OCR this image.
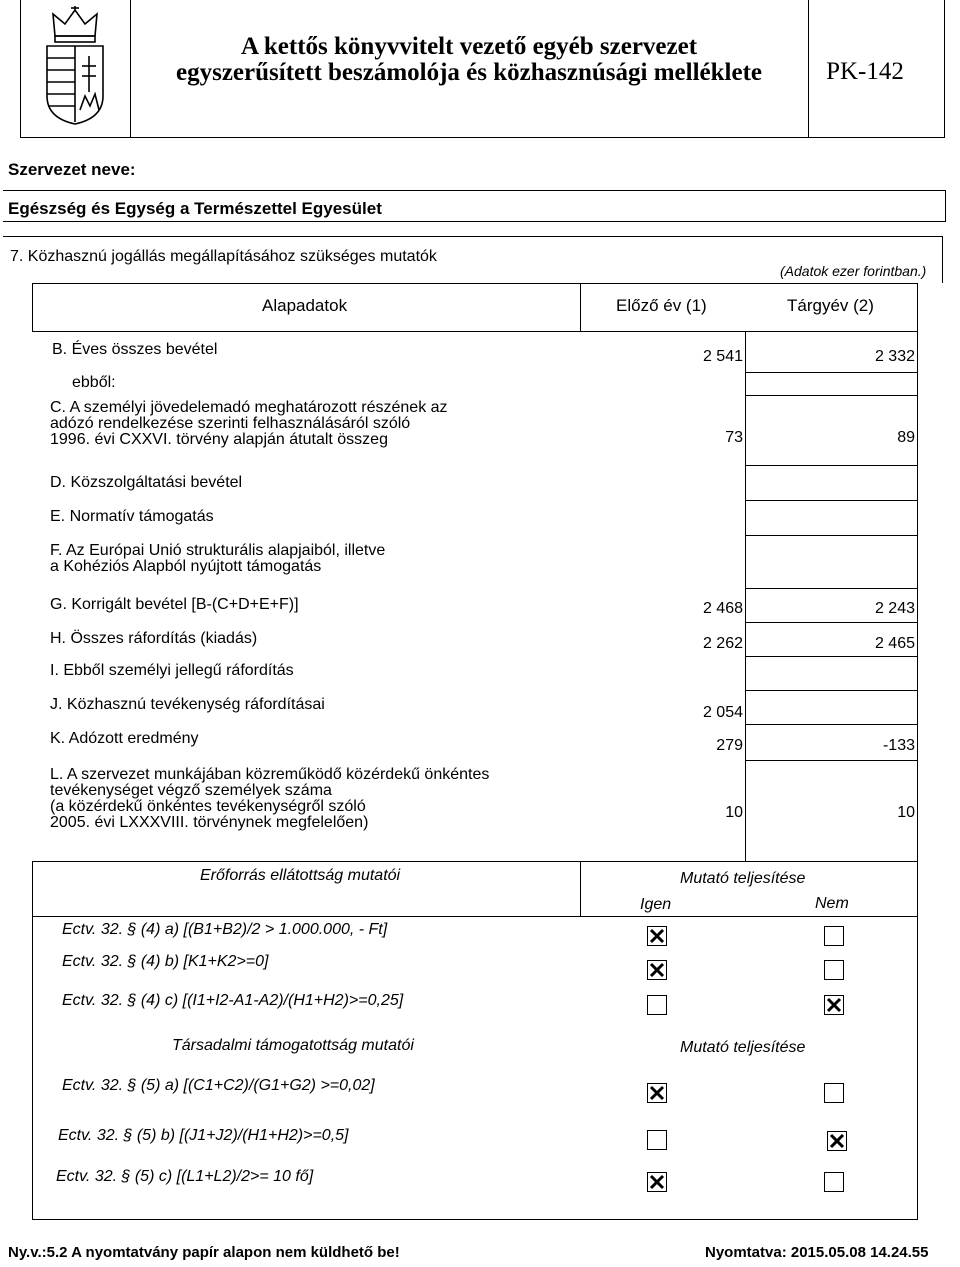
A kettős könyvvitelt vezető egyéb szervezet
egyszerűsített beszámolója és közhasznúsági melléklete	PK-142
Szervezet neve:
Egészség és Egység a Természettel Egyesület
7. Közhasznú jogállás megállapításához szükséges mutatók
(Adatok ezer forintban.)
Alapadatok	Előző év (1)	Tárgyév (2)
B. Éves összes bevétel	2 541	2 332
ebből:
C. A személyi jövedelemadó meghatározott részének az
adózó rendelkezése szerinti felhasználásáról szóló
1996. évi CXXVI. törvény alapján átutalt összeg	73	89
D. Közszolgáltatási bevétel
E. Normatív támogatás
F. Az Európai Unió strukturális alapjaiból, illetve
a Kohéziós Alapból nyújtott támogatás
G. Korrigált bevétel [B-(C+D+E+F)]	2 468	2 243
H. Összes ráfordítás (kiadás)	2 262	2 465
I. Ebből személyi jellegű ráfordítás
J. Közhasznú tevékenység ráfordításai	2 054
K. Adózott eredmény	279	-133
L. A szervezet munkájában közreműködő közérdekű önkéntes
tevékenységet végző személyek száma
(a közérdekű önkéntes tevékenységről szóló
2005. évi LXXXVIII. törvénynek megfelelően)
10	10
Erőforrás ellátottság mutatói	Mutató teljesítése
Igen	Nem
Ectv. 32. § (4) a) [(B1+B2)/2 > 1.000.000, - Ft]
Ectv. 32. § (4) b) [K1+K2>=0]
Ectv. 32. § (4) c) [(I1+I2-A1-A2)/(H1+H2)>=0,25]
Társadalmi támogatottság mutatói	Mutató teljesítése
Ectv. 32. § (5) a) [(C1+C2)/(G1+G2) >=0,02]
Ectv. 32. § (5) b) [(J1+J2)/(H1+H2)>=0,5]
Ectv. 32. § (5) c) [(L1+L2)/2>= 10 fő]
Ny.v.:5.2 A nyomtatvány papír alapon nem küldhető be!	Nyomtatva: 2015.05.08 14.24.55
